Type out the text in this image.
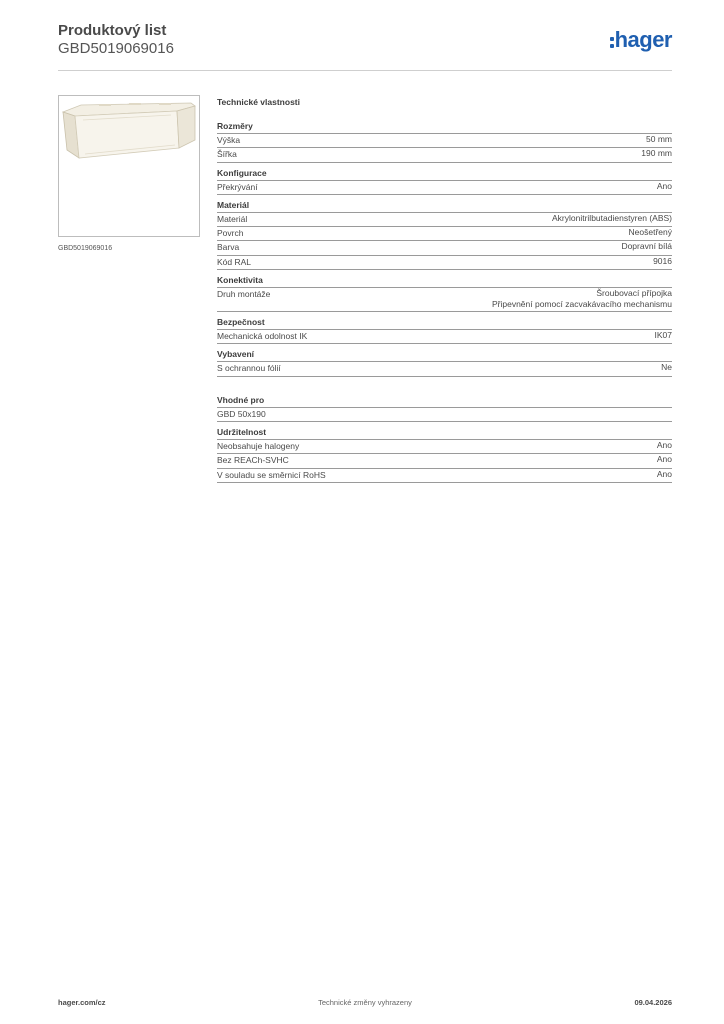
Produktový list
GBD5019069016	hager
GBD5019069016
Technické vlastnosti
Rozměry
Výška	50 mm
Šířka	190 mm
Konfigurace
Překrývání	Ano
Materiál
Materiál	Akrylonitrilbutadienstyren (ABS)
Povrch	Neošetřený
Barva	Dopravní bílá
Kód RAL	9016
Konektivita
Druh montáže	Šroubovací přípojka
Připevnění pomocí zacvakávacího mechanismu
Bezpečnost
Mechanická odolnost IK	IK07
Vybavení
S ochrannou fólií	Ne
Vhodné pro
GBD 50x190
Udržitelnost
Neobsahuje halogeny	Ano
Bez REACh-SVHC	Ano
V souladu se směrnicí RoHS	Ano
hager.com/cz	Technické změny vyhrazeny	09.04.2026
